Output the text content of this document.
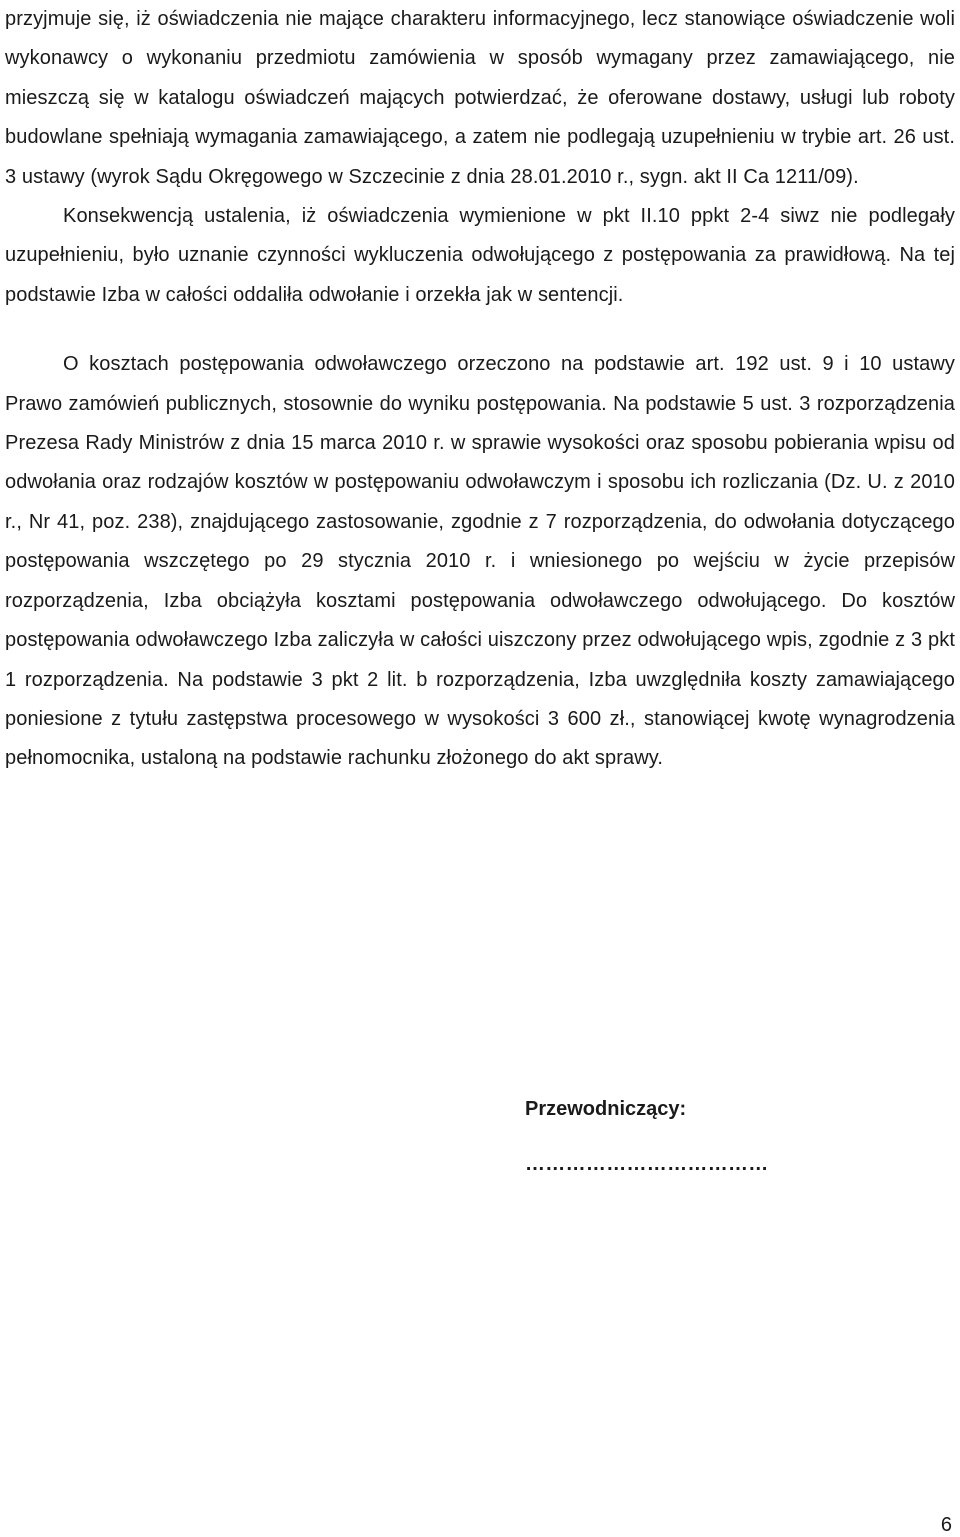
przyjmuje się, iż oświadczenia nie mające charakteru informacyjnego, lecz stanowiące oświadczenie woli wykonawcy o wykonaniu przedmiotu zamówienia w sposób wymagany przez zamawiającego, nie mieszczą się w katalogu oświadczeń mających potwierdzać, że oferowane dostawy, usługi lub roboty budowlane spełniają wymagania zamawiającego, a zatem nie podlegają uzupełnieniu w trybie art. 26 ust. 3 ustawy (wyrok Sądu Okręgowego w Szczecinie z dnia 28.01.2010 r., sygn. akt II Ca 1211/09).

Konsekwencją ustalenia, iż oświadczenia wymienione w pkt II.10 ppkt 2-4 siwz nie podlegały uzupełnieniu, było uznanie czynności wykluczenia odwołującego z postępowania za prawidłową. Na tej podstawie Izba w całości oddaliła odwołanie i orzekła jak w sentencji.

O kosztach postępowania odwoławczego orzeczono na podstawie art. 192 ust. 9 i 10 ustawy Prawo zamówień publicznych, stosownie do wyniku postępowania. Na podstawie 5 ust. 3 rozporządzenia Prezesa Rady Ministrów z dnia 15 marca 2010 r. w sprawie wysokości oraz sposobu pobierania wpisu od odwołania oraz rodzajów kosztów w postępowaniu odwoławczym i sposobu ich rozliczania (Dz. U. z 2010 r., Nr 41, poz. 238), znajdującego zastosowanie, zgodnie z 7 rozporządzenia, do odwołania dotyczącego postępowania wszczętego po 29 stycznia 2010 r. i wniesionego po wejściu w życie przepisów rozporządzenia, Izba obciążyła kosztami postępowania odwoławczego odwołującego. Do kosztów postępowania odwoławczego Izba zaliczyła w całości uiszczony przez odwołującego wpis, zgodnie z 3 pkt 1 rozporządzenia. Na podstawie 3 pkt 2 lit. b rozporządzenia, Izba uwzględniła koszty zamawiającego poniesione z tytułu zastępstwa procesowego w wysokości 3 600 zł., stanowiącej kwotę wynagrodzenia pełnomocnika, ustaloną na podstawie rachunku złożonego do akt sprawy.

Przewodniczący:
………………………………
6
